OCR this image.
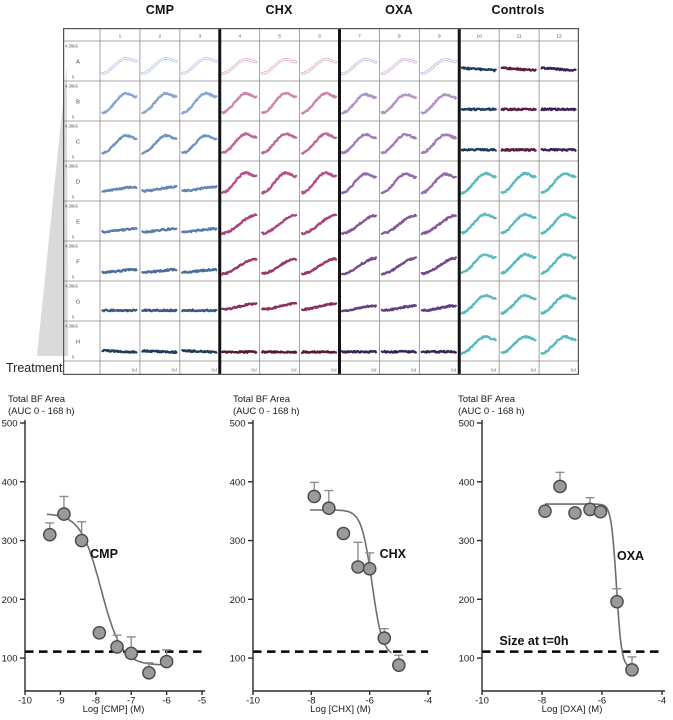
CMP	CHX	OXA	Controls
Treatment
1	2	3	4	5	6	7	8	9	10	11	12
4.38e5
A
0
4.38e5
B
0
4.38e5
C
0
4.38e5
D
0
4.38e5
E
0
4.38e5
F
0
4.38e5
G
0
4.38e5
H
0
6d	6d	6d	6d	6d	6d	6d	6d	6d	6d	6d	6d
Total BF Area
(AUC 0 - 168 h)
100
200
300
400
500
-10	-9	-8	-7	-6	-5
CMP
Log [CMP] (M)
Total BF Area
(AUC 0 - 168 h)
100
200
300
400
500
-10	-8	-6	-4
CHX
Log [CHX] (M)
Total BF Area
(AUC 0 - 168 h)
100
200
300
400
500
-10	-8	-6	-4
OXA
Log [OXA] (M)
Size at t=0h
